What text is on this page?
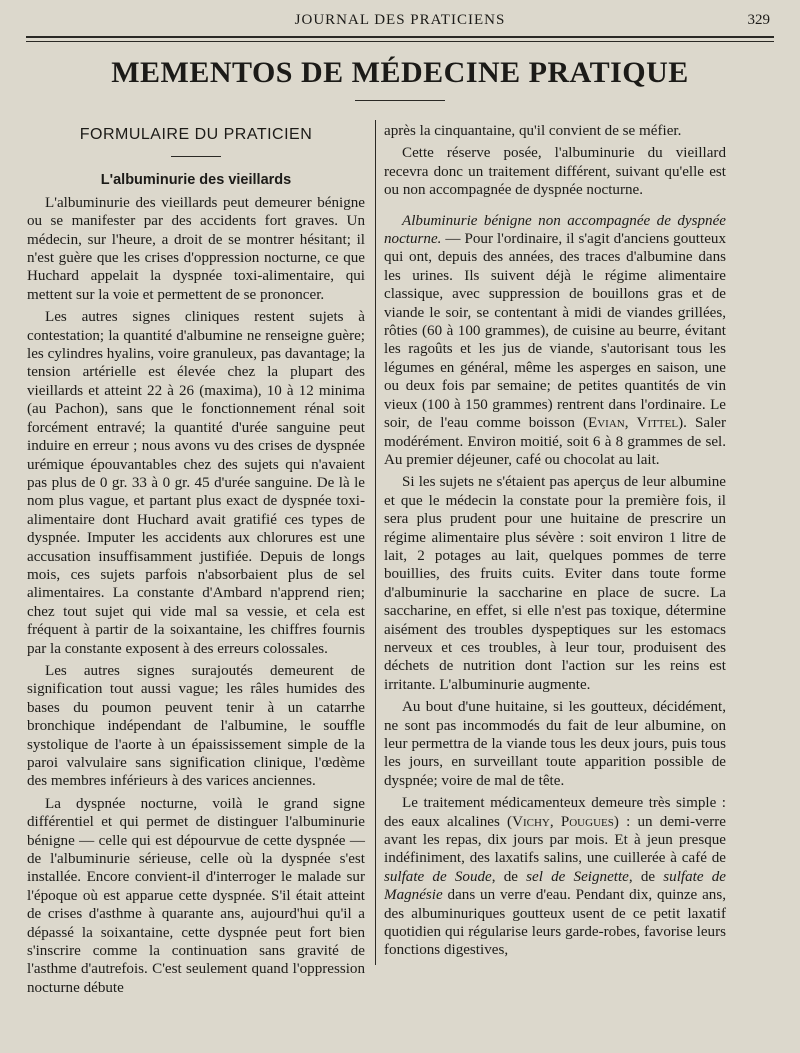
JOURNAL DES PRATICIENS	329
MEMENTOS DE MÉDECINE PRATIQUE
FORMULAIRE DU PRATICIEN
L'albuminurie des vieillards

L'albuminurie des vieillards peut demeurer bénigne ou se manifester par des accidents fort graves. Un médecin, sur l'heure, a droit de se montrer hésitant; il n'est guère que les crises d'oppression nocturne, ce que Huchard appelait la dyspnée toxi-alimentaire, qui mettent sur la voie et permettent de se prononcer.

Les autres signes cliniques restent sujets à contestation; la quantité d'albumine ne renseigne guère; les cylindres hyalins, voire granuleux, pas davantage; la tension artérielle est élevée chez la plupart des vieillards et atteint 22 à 26 (maxima), 10 à 12 minima (au Pachon), sans que le fonctionnement rénal soit forcément entravé; la quantité d'urée sanguine peut induire en erreur ; nous avons vu des crises de dyspnée urémique épouvantables chez des sujets qui n'avaient pas plus de 0 gr. 33 à 0 gr. 45 d'urée sanguine. De là le nom plus vague, et partant plus exact de dyspnée toxi-alimentaire dont Huchard avait gratifié ces types de dyspnée. Imputer les accidents aux chlorures est une accusation insuffisamment justifiée. Depuis de longs mois, ces sujets parfois n'absorbaient plus de sel alimentaires. La constante d'Ambard n'apprend rien; chez tout sujet qui vide mal sa vessie, et cela est fréquent à partir de la soixantaine, les chiffres fournis par la constante exposent à des erreurs colossales.

Les autres signes surajoutés demeurent de signification tout aussi vague; les râles humides des bases du poumon peuvent tenir à un catarrhe bronchique indépendant de l'albumine, le souffle systolique de l'aorte à un épaississement simple de la paroi valvulaire sans signification clinique, l'œdème des membres inférieurs à des varices anciennes.

La dyspnée nocturne, voilà le grand signe différentiel et qui permet de distinguer l'albuminurie bénigne — celle qui est dépourvue de cette dyspnée — de l'albuminurie sérieuse, celle où la dyspnée s'est installée. Encore convient-il d'interroger le malade sur l'époque où est apparue cette dyspnée. S'il était atteint de crises d'asthme à quarante ans, aujourd'hui qu'il a dépassé la soixantaine, cette dyspnée peut fort bien s'inscrire comme la continuation sans gravité de l'asthme d'autrefois. C'est seulement quand l'oppression nocturne débute

après la cinquantaine, qu'il convient de se méfier.

Cette réserve posée, l'albuminurie du vieillard recevra donc un traitement différent, suivant qu'elle est ou non accompagnée de dyspnée nocturne.

Albuminurie bénigne non accompagnée de dyspnée nocturne. — Pour l'ordinaire, il s'agit d'anciens goutteux qui ont, depuis des années, des traces d'albumine dans les urines. Ils suivent déjà le régime alimentaire classique, avec suppression de bouillons gras et de viande le soir, se contentant à midi de viandes grillées, rôties (60 à 100 grammes), de cuisine au beurre, évitant les ragoûts et les jus de viande, s'autorisant tous les légumes en général, même les asperges en saison, une ou deux fois par semaine; de petites quantités de vin vieux (100 à 150 grammes) rentrent dans l'ordinaire. Le soir, de l'eau comme boisson (Evian, Vittel). Saler modérément. Environ moitié, soit 6 à 8 grammes de sel. Au premier déjeuner, café ou chocolat au lait.

Si les sujets ne s'étaient pas aperçus de leur albumine et que le médecin la constate pour la première fois, il sera plus prudent pour une huitaine de prescrire un régime alimentaire plus sévère : soit environ 1 litre de lait, 2 potages au lait, quelques pommes de terre bouillies, des fruits cuits. Eviter dans toute forme d'albuminurie la saccharine en place de sucre. La saccharine, en effet, si elle n'est pas toxique, détermine aisément des troubles dyspeptiques sur les estomacs nerveux et ces troubles, à leur tour, produisent des déchets de nutrition dont l'action sur les reins est irritante. L'albuminurie augmente.

Au bout d'une huitaine, si les goutteux, décidément, ne sont pas incommodés du fait de leur albumine, on leur permettra de la viande tous les deux jours, puis tous les jours, en surveillant toute apparition possible de dyspnée; voire de mal de tête.

Le traitement médicamenteux demeure très simple : des eaux alcalines (Vichy, Pougues) : un demi-verre avant les repas, dix jours par mois. Et à jeun presque indéfiniment, des laxatifs salins, une cuillerée à café de sulfate de Soude, de sel de Seignette, de sulfate de Magnésie dans un verre d'eau. Pendant dix, quinze ans, des albuminuriques goutteux usent de ce petit laxatif quotidien qui régularise leurs garde-robes, favorise leurs fonctions digestives,
